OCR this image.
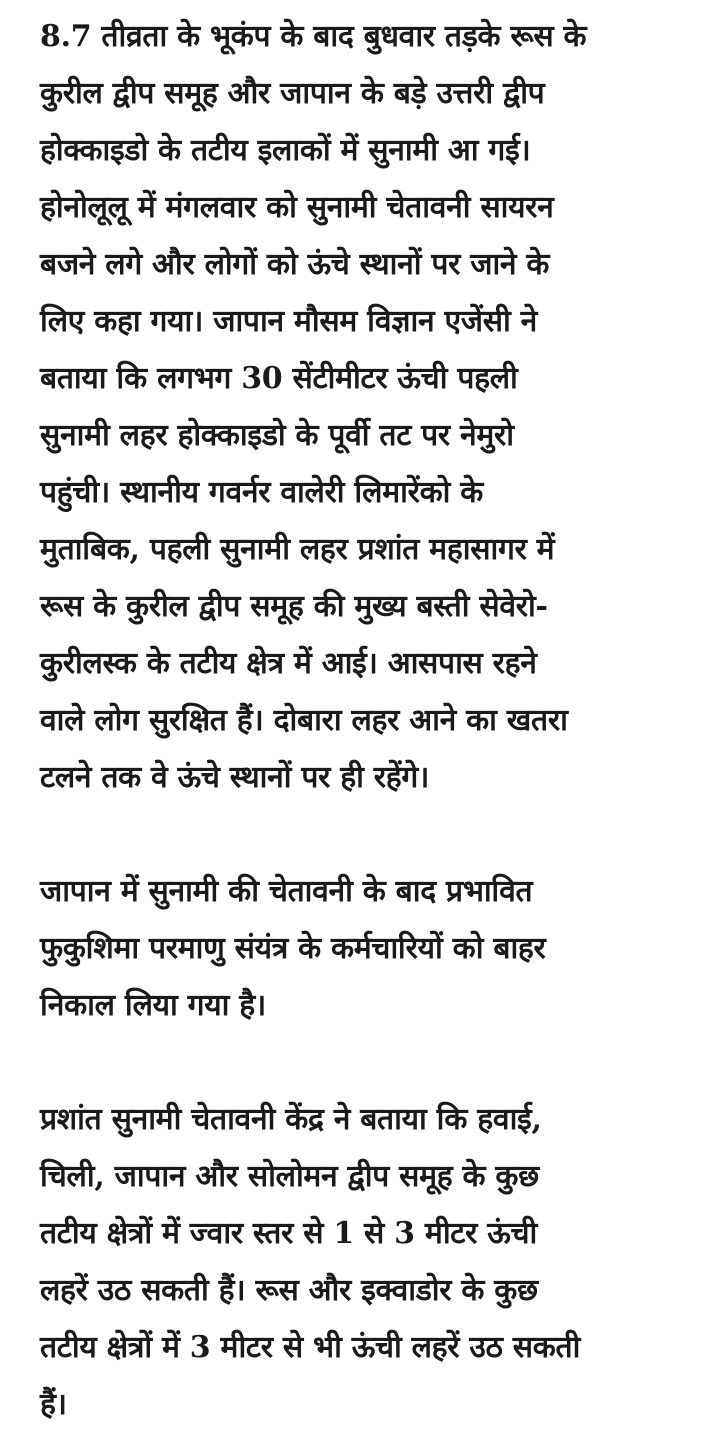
8.7 तीव्रता के भूकंप के बाद बुधवार तड़के रूस के
कुरील द्वीप समूह और जापान के बड़े उत्तरी द्वीप
होक्काइडो के तटीय इलाकों में सुनामी आ गई।
होनोलूलू में मंगलवार को सुनामी चेतावनी सायरन
बजने लगे और लोगों को ऊंचे स्थानों पर जाने के
लिए कहा गया। जापान मौसम विज्ञान एजेंसी ने
बताया कि लगभग 30 सेंटीमीटर ऊंची पहली
सुनामी लहर होक्काइडो के पूर्वी तट पर नेमुरो
पहुंची। स्थानीय गवर्नर वालेरी लिमारेंको के
मुताबिक, पहली सुनामी लहर प्रशांत महासागर में
रूस के कुरील द्वीप समूह की मुख्य बस्ती सेवेरो-
कुरीलस्क के तटीय क्षेत्र में आई। आसपास रहने
वाले लोग सुरक्षित हैं। दोबारा लहर आने का खतरा
टलने तक वे ऊंचे स्थानों पर ही रहेंगे।
जापान में सुनामी की चेतावनी के बाद प्रभावित
फुकुशिमा परमाणु संयंत्र के कर्मचारियों को बाहर
निकाल लिया गया है।
प्रशांत सुनामी चेतावनी केंद्र ने बताया कि हवाई,
चिली, जापान और सोलोमन द्वीप समूह के कुछ
तटीय क्षेत्रों में ज्वार स्तर से 1 से 3 मीटर ऊंची
लहरें उठ सकती हैं। रूस और इक्वाडोर के कुछ
तटीय क्षेत्रों में 3 मीटर से भी ऊंची लहरें उठ सकती
हैं।
